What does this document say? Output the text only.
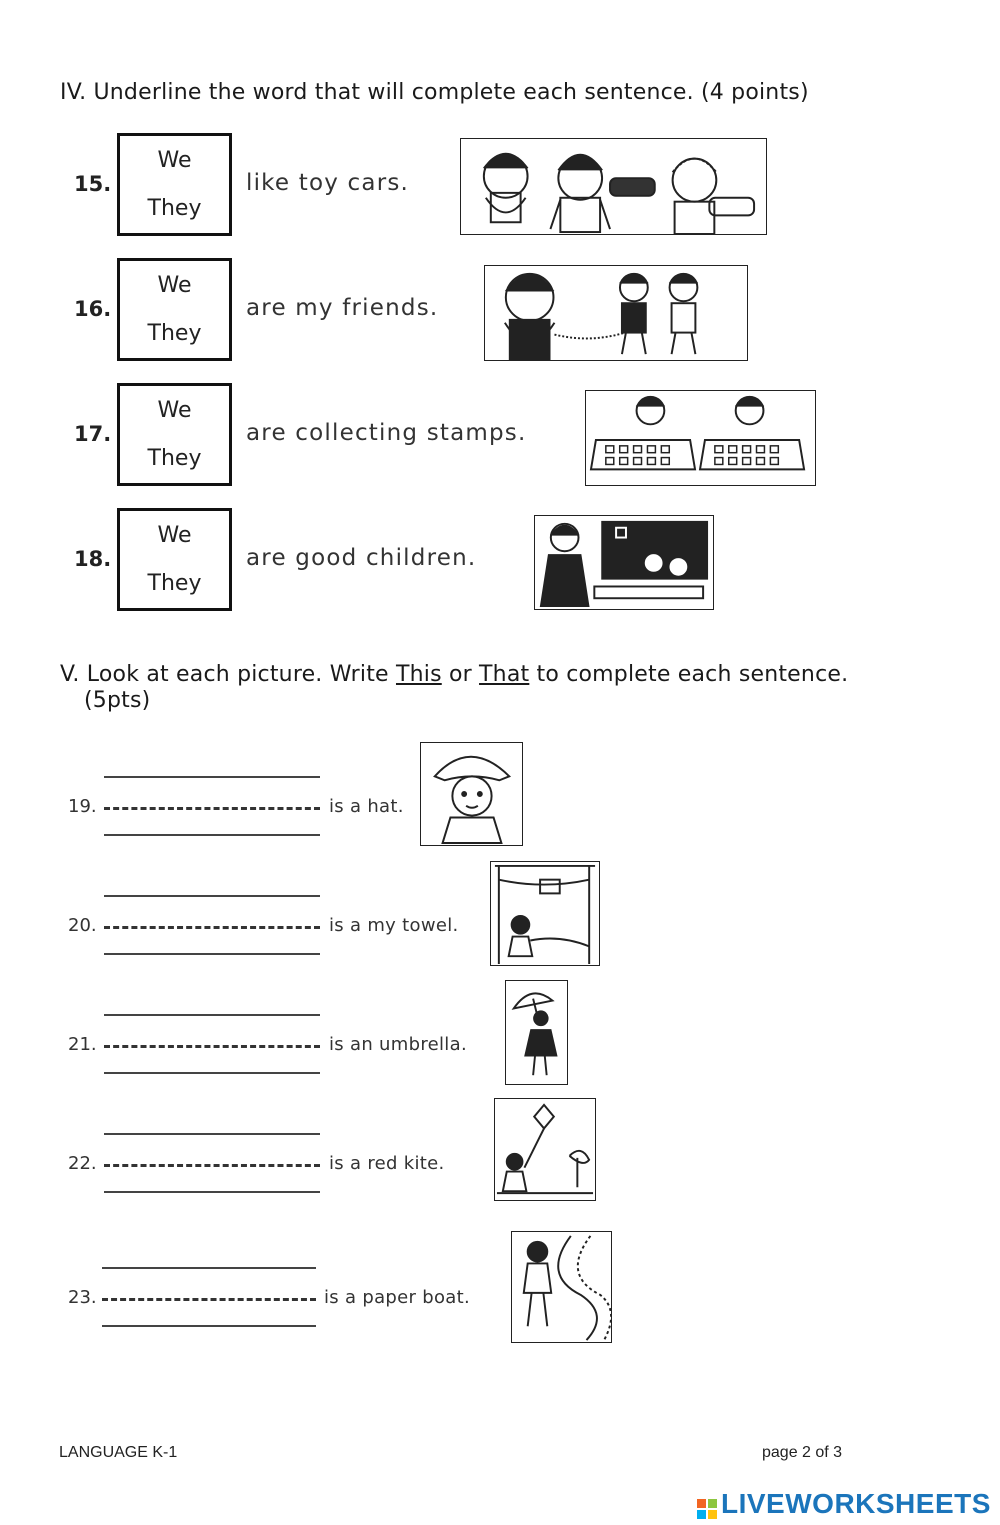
IV. Underline the word that will complete each sentence. (4 points)
15.
We
They
like toy cars.
16.
We
They
are my friends.
17.
We
They
are collecting stamps.
18.
We
They
are good children.
V. Look at each picture. Write This or That to complete each sentence.
(5pts)
19.	is a hat.
20.	is a my towel.
21.	is an umbrella.
22.	is a red kite.
23.	is a paper boat.
LANGUAGE K-1	page 2 of 3
LIVEWORKSHEETS
